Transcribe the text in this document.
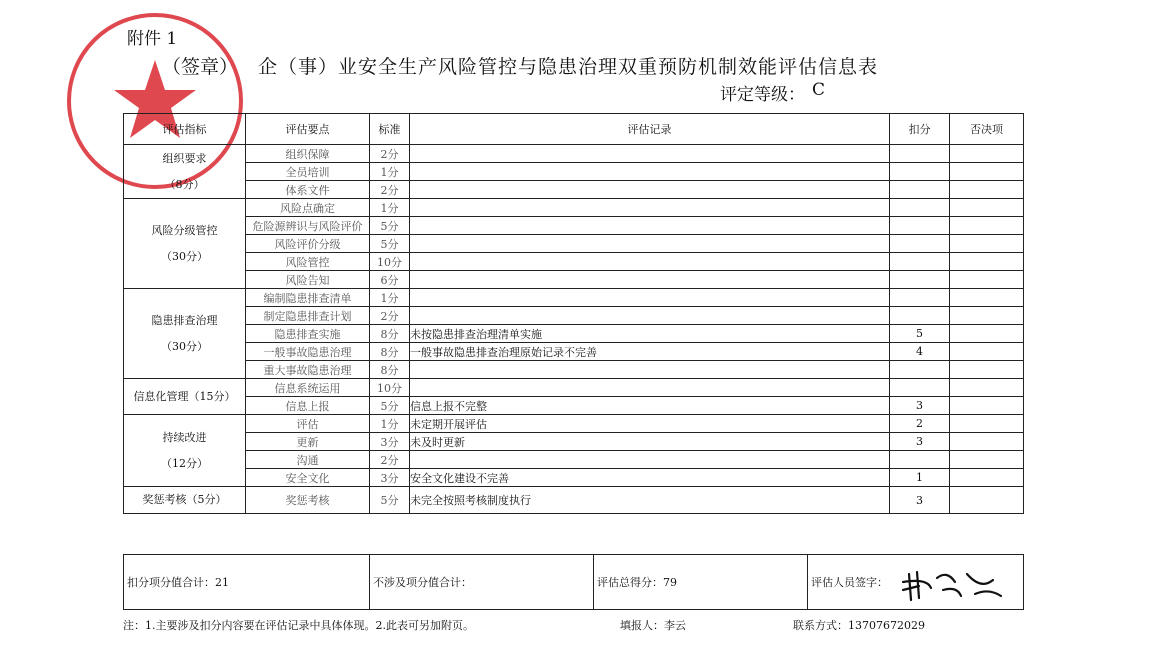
附件 1
（签章） 企（事）业安全生产风险管控与隐患治理双重预防机制效能评估信息表
评定等级： C
评估指标	评估要点	标准	评估记录	扣分	否决项

组织要求
（8分）	组织保障	2分			
	全员培训	1分			
	体系文件	2分			

风险分级管控
（30分）	风险点确定	1分			
	危险源辨识与风险评价	5分			
	风险评价分级	5分			
	风险管控	10分			
	风险告知	6分			

隐患排查治理
（30分）	编制隐患排查清单	1分			
	制定隐患排查计划	2分			
	隐患排查实施	8分	未按隐患排查治理清单实施	5	
	一般事故隐患治理	8分	一般事故隐患排查治理原始记录不完善	4	
	重大事故隐患治理	8分			

信息化管理（15分）	信息系统运用	10分			
	信息上报	5分	信息上报不完整	3	

持续改进
（12分）	评估	1分	未定期开展评估	2	
	更新	3分	未及时更新	3	
	沟通	2分			
	安全文化	3分	安全文化建设不完善	1	

奖惩考核（5分）	奖惩考核	5分	未完全按照考核制度执行	3	
扣分项分值合计：21	不涉及项分值合计：	评估总得分：79	评估人员签字：
注：1.主要涉及扣分内容要在评估记录中具体体现。2.此表可另加附页。	填报人：李云	联系方式：13707672029
